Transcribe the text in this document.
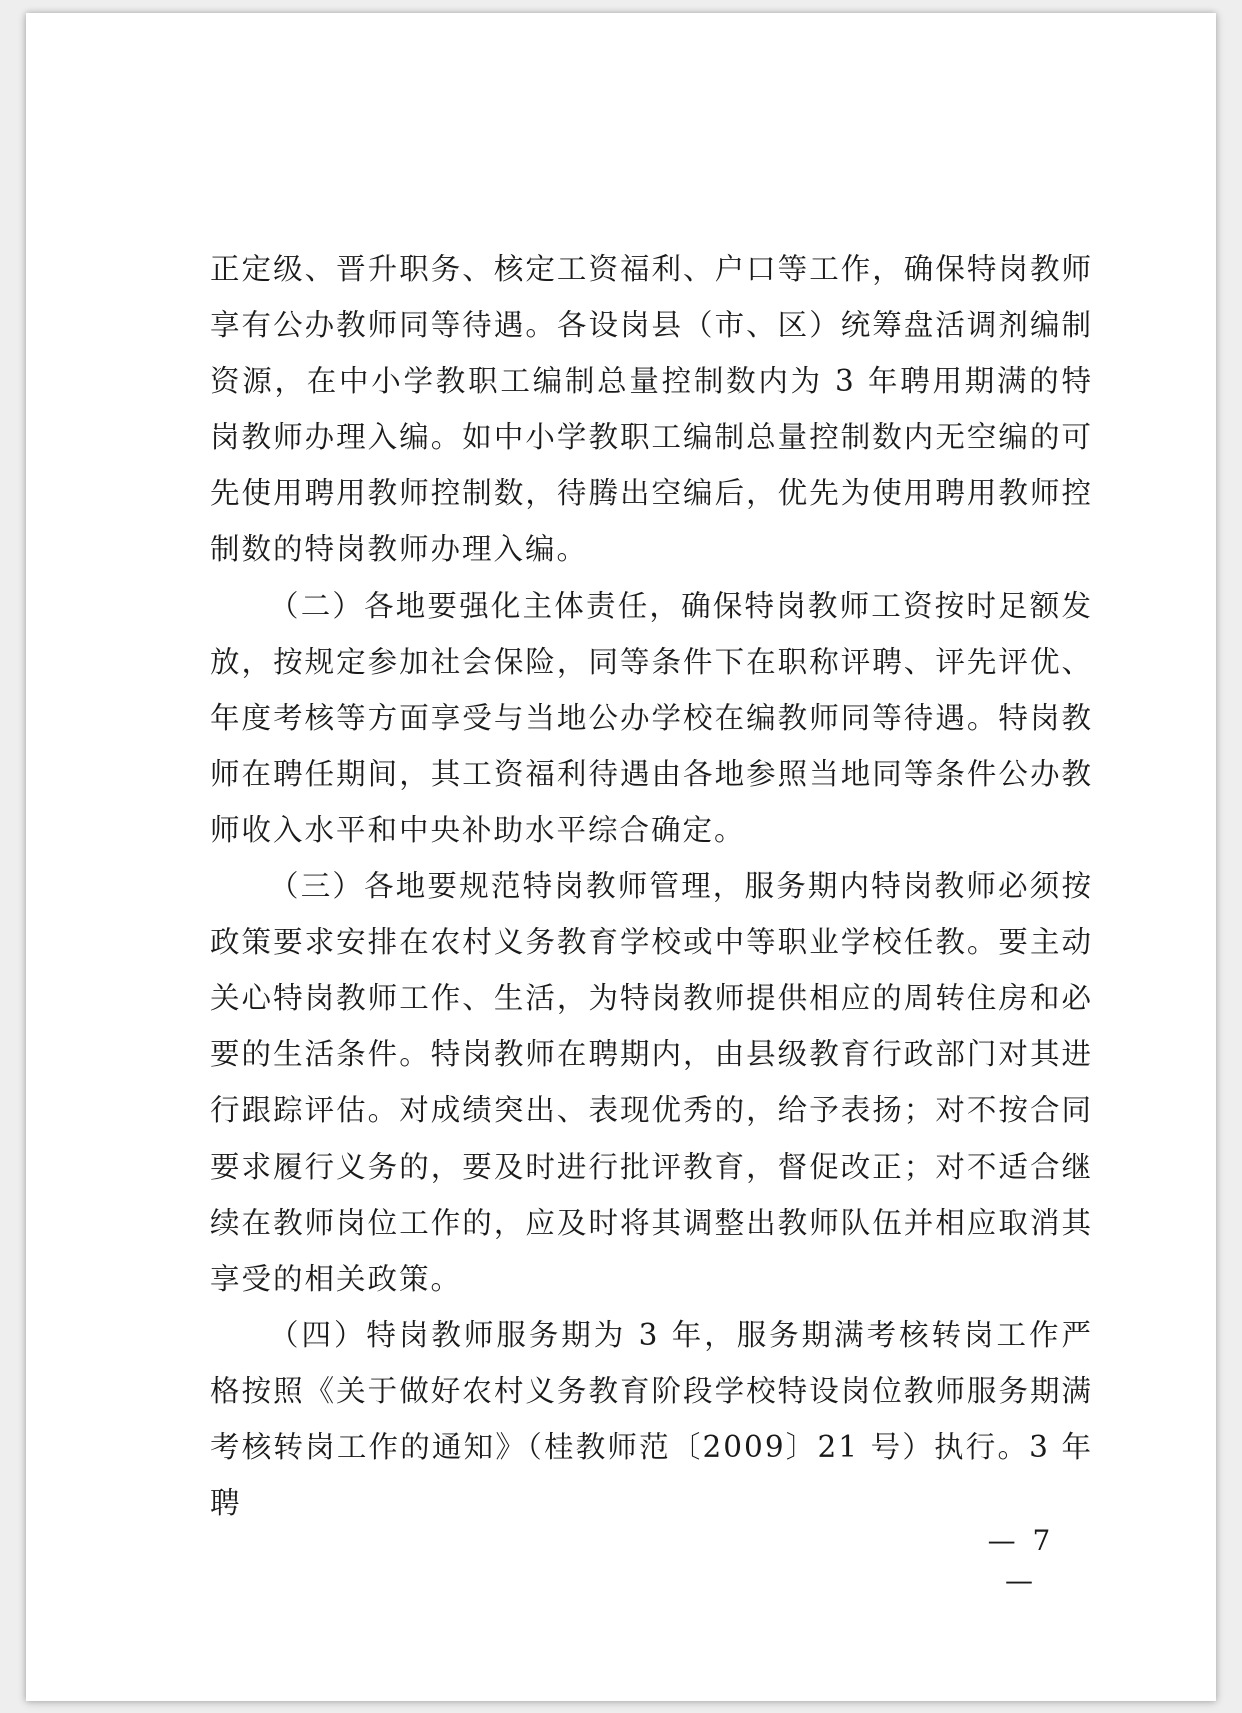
正定级、晋升职务、核定工资福利、户口等工作，确保特岗教师享有公办教师同等待遇。各设岗县（市、区）统筹盘活调剂编制资源，在中小学教职工编制总量控制数内为 3 年聘用期满的特岗教师办理入编。如中小学教职工编制总量控制数内无空编的可先使用聘用教师控制数，待腾出空编后，优先为使用聘用教师控制数的特岗教师办理入编。

（二）各地要强化主体责任，确保特岗教师工资按时足额发放，按规定参加社会保险，同等条件下在职称评聘、评先评优、年度考核等方面享受与当地公办学校在编教师同等待遇。特岗教师在聘任期间，其工资福利待遇由各地参照当地同等条件公办教师收入水平和中央补助水平综合确定。

（三）各地要规范特岗教师管理，服务期内特岗教师必须按政策要求安排在农村义务教育学校或中等职业学校任教。要主动关心特岗教师工作、生活，为特岗教师提供相应的周转住房和必要的生活条件。特岗教师在聘期内，由县级教育行政部门对其进行跟踪评估。对成绩突出、表现优秀的，给予表扬；对不按合同要求履行义务的，要及时进行批评教育，督促改正；对不适合继续在教师岗位工作的，应及时将其调整出教师队伍并相应取消其享受的相关政策。

（四）特岗教师服务期为 3 年，服务期满考核转岗工作严格按照《关于做好农村义务教育阶段学校特设岗位教师服务期满考核转岗工作的通知》（桂教师范〔2009〕21 号）执行。3 年聘

— 7 —
